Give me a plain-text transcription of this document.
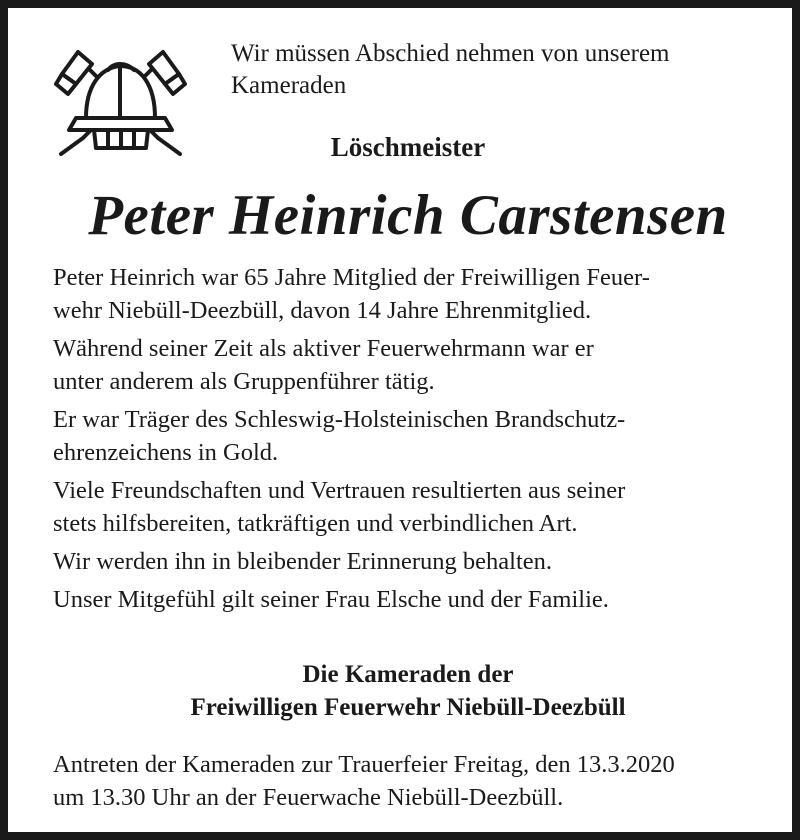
Wir müssen Abschied nehmen von unserem
Kameraden
Löschmeister
Peter Heinrich Carstensen

Peter Heinrich war 65 Jahre Mitglied der Freiwilligen Feuer-
wehr Niebüll-Deezbüll, davon 14 Jahre Ehrenmitglied.

Während seiner Zeit als aktiver Feuerwehrmann war er
unter anderem als Gruppenführer tätig.

Er war Träger des Schleswig-Holsteinischen Brandschutz-
ehrenzeichens in Gold.

Viele Freundschaften und Vertrauen resultierten aus seiner
stets hilfsbereiten, tatkräftigen und verbindlichen Art.

Wir werden ihn in bleibender Erinnerung behalten.

Unser Mitgefühl gilt seiner Frau Elsche und der Familie.

Die Kameraden der
Freiwilligen Feuerwehr Niebüll-Deezbüll
Antreten der Kameraden zur Trauerfeier Freitag, den 13.3.2020
um 13.30 Uhr an der Feuerwache Niebüll-Deezbüll.
